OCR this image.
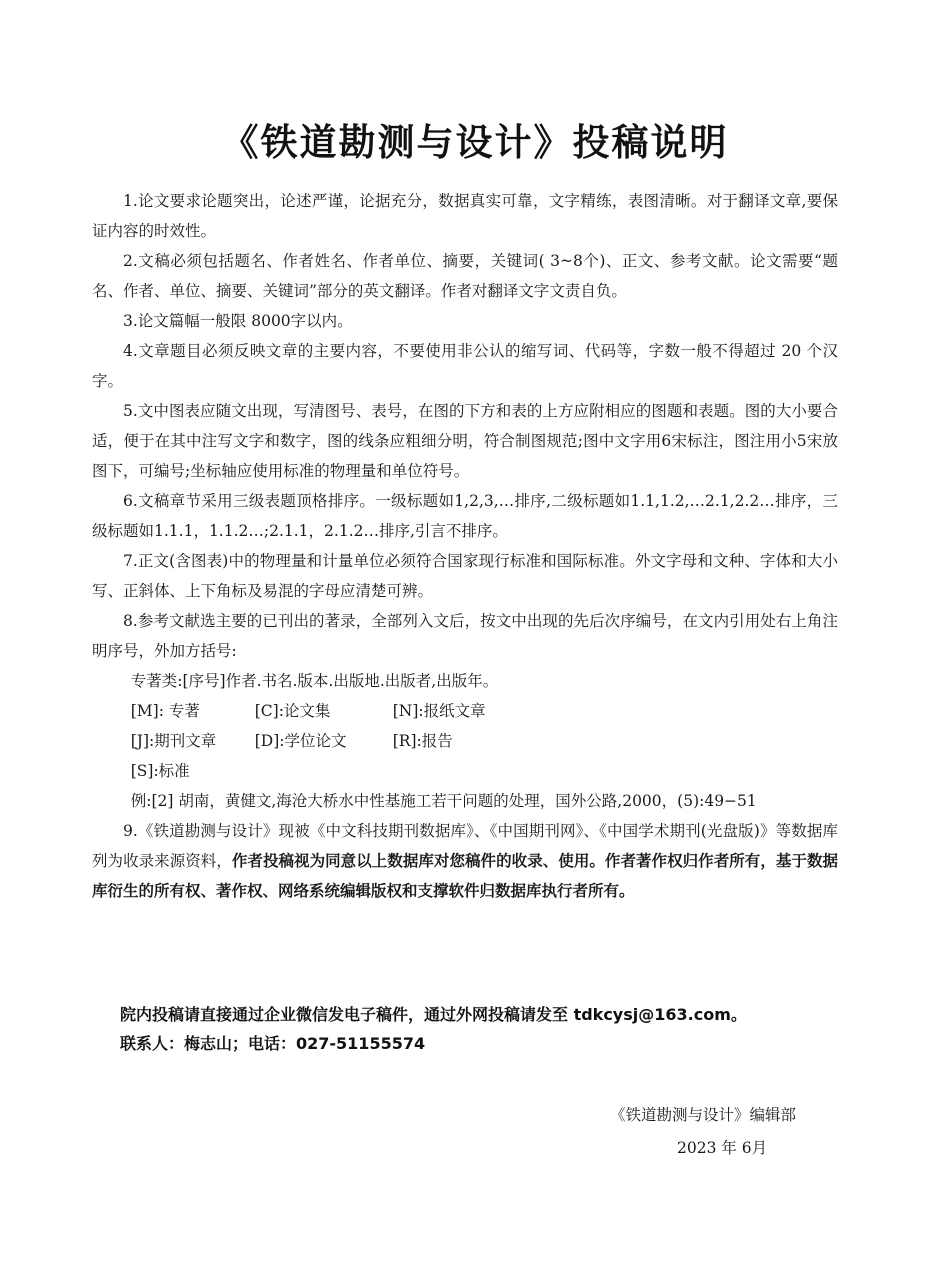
《铁道勘测与设计》投稿说明

1.论文要求论题突出，论述严谨，论据充分，数据真实可靠，文字精练，表图清晰。对于翻译文章,要保证内容的时效性。

2.文稿必须包括题名、作者姓名、作者单位、摘要，关键词( 3~8个)、正文、参考文献。论文需要“题名、作者、单位、摘要、关键词”部分的英文翻译。作者对翻译文字文责自负。

3.论文篇幅一般限 8000字以内。

4.文章题目必须反映文章的主要内容，不要使用非公认的缩写词、代码等，字数一般不得超过 20 个汉字。

5.文中图表应随文出现，写清图号、表号，在图的下方和表的上方应附相应的图题和表题。图的大小要合适，便于在其中注写文字和数字，图的线条应粗细分明，符合制图规范;图中文字用6宋标注，图注用小5宋放图下，可编号;坐标轴应使用标准的物理量和单位符号。

6.文稿章节采用三级表题顶格排序。一级标题如1,2,3,…排序,二级标题如1.1,1.2,…2.1,2.2…排序，三级标题如1.1.1，1.1.2…;2.1.1，2.1.2…排序,引言不排序。

7.正文(含图表)中的物理量和计量单位必须符合国家现行标准和国际标准。外文字母和文种、字体和大小写、正斜体、上下角标及易混的字母应清楚可辨。

8.参考文献选主要的已刊出的著录，全部列入文后，按文中出现的先后次序编号，在文内引用处右上角注明序号，外加方括号:

专著类:[序号]作者.书名.版本.出版地.出版者,出版年。

[M]: 专著	[C]:论文集	[N]:报纸文章

[J]:期刊文章 [D]:学位论文	[R]:报告

[S]:标准

例:[2] 胡南，黄健文,海沧大桥水中性基施工若干问题的处理，国外公路,2000，(5):49−51

9.《铁道勘测与设计》现被《中文科技期刊数据库》、《中国期刊网》、《中国学术期刊(光盘版)》等数据库列为收录来源资料，作者投稿视为同意以上数据库对您稿件的收录、使用。作者著作权归作者所有，基于数据库衍生的所有权、著作权、网络系统编辑版权和支撑软件归数据库执行者所有。

院内投稿请直接通过企业微信发电子稿件，通过外网投稿请发至 tdkcysj@163.com。

联系人：梅志山；电话：027-51155574

《铁道勘测与设计》编辑部
2023 年 6月
